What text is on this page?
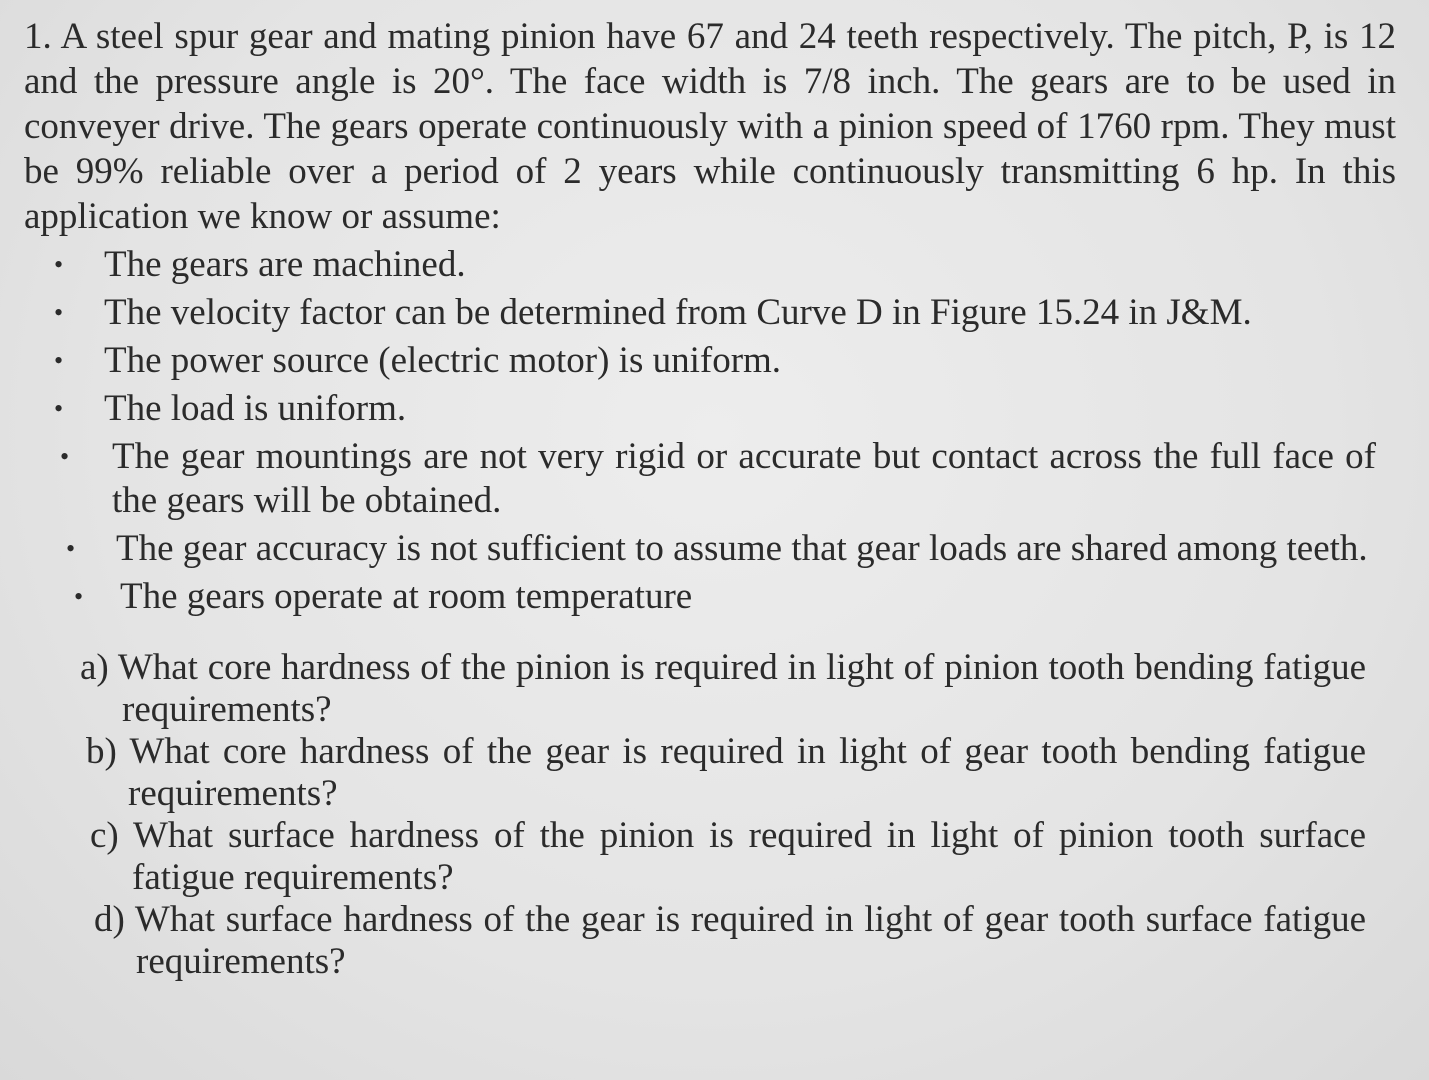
1. A steel spur gear and mating pinion have 67 and 24 teeth respectively. The pitch, P, is 12 and the pressure angle is 20°. The face width is 7/8 inch. The gears are to be used in conveyer drive. The gears operate continuously with a pinion speed of 1760 rpm. They must be 99% reliable over a period of 2 years while continuously transmitting 6 hp. In this application we know or assume:

• The gears are machined.
• The velocity factor can be determined from Curve D in Figure 15.24 in J&M.
• The power source (electric motor) is uniform.
• The load is uniform.
• The gear mountings are not very rigid or accurate but contact across the full face of the gears will be obtained.
• The gear accuracy is not sufficient to assume that gear loads are shared among teeth.
• The gears operate at room temperature
a) What core hardness of the pinion is required in light of pinion tooth bending fatigue requirements?
b) What core hardness of the gear is required in light of gear tooth bending fatigue requirements?
c) What surface hardness of the pinion is required in light of pinion tooth surface fatigue requirements?
d) What surface hardness of the gear is required in light of gear tooth surface fatigue requirements?
